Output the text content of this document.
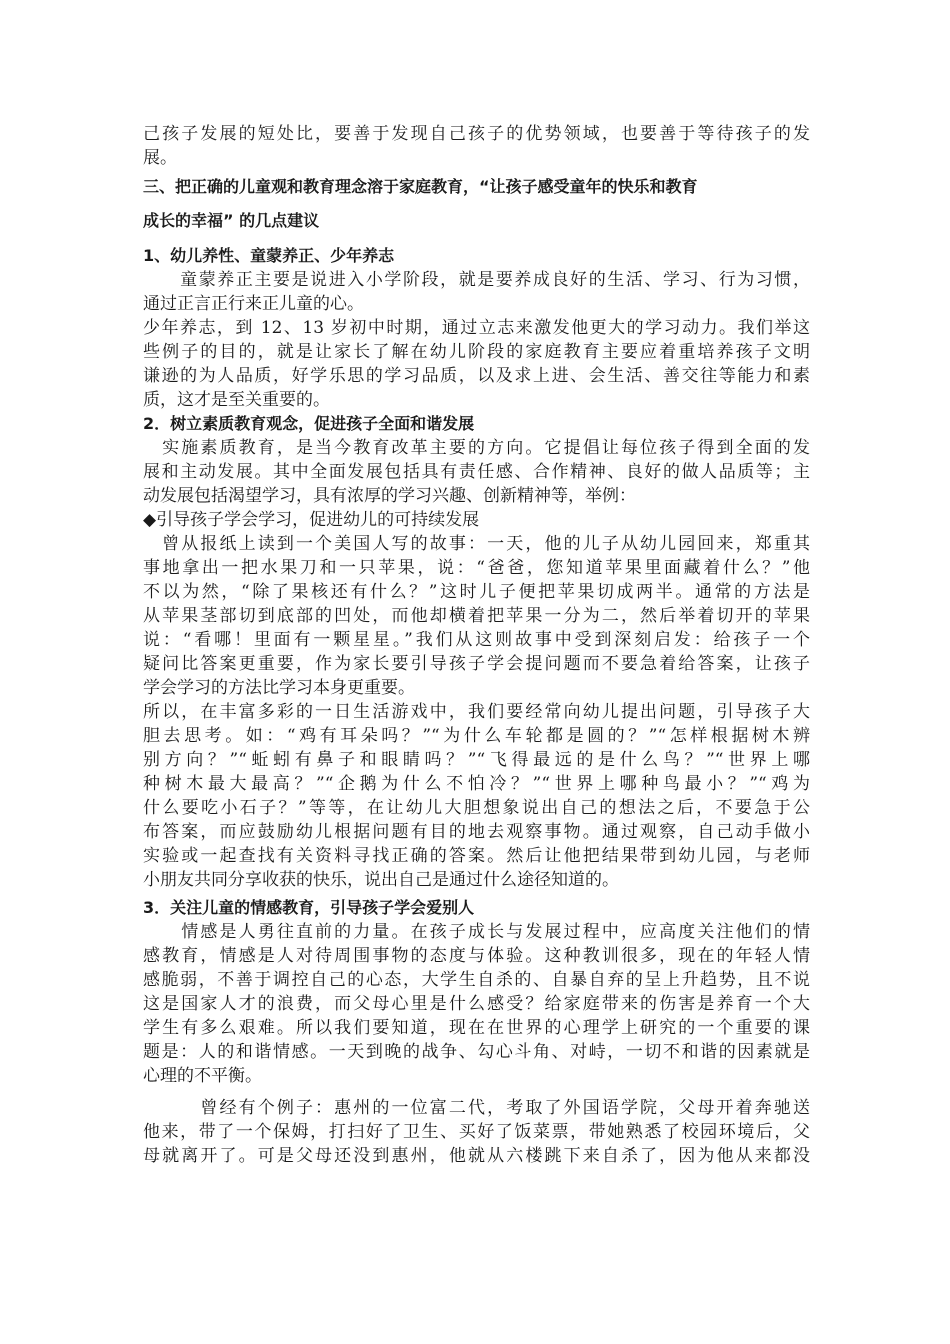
己孩子发展的短处比，要善于发现自己孩子的优势领域，也要善于等待孩子的发
展。
三、把正确的儿童观和教育理念溶于家庭教育，“让孩子感受童年的快乐和教育
成长的幸福” 的几点建议
1、幼儿养性、童蒙养正、少年养志
　　童蒙养正主要是说进入小学阶段，就是要养成良好的生活、学习、行为习惯，
通过正言正行来正儿童的心。
少年养志，到 12、13 岁初中时期，通过立志来激发他更大的学习动力。我们举这
些例子的目的，就是让家长了解在幼儿阶段的家庭教育主要应着重培养孩子文明
谦逊的为人品质，好学乐思的学习品质，以及求上进、会生活、善交往等能力和素
质，这才是至关重要的。
2．树立素质教育观念，促进孩子全面和谐发展
　实施素质教育，是当今教育改革主要的方向。它提倡让每位孩子得到全面的发
展和主动发展。其中全面发展包括具有责任感、合作精神、良好的做人品质等；主
动发展包括渴望学习，具有浓厚的学习兴趣、创新精神等，举例：
◆引导孩子学会学习，促进幼儿的可持续发展
　曾从报纸上读到一个美国人写的故事：一天，他的儿子从幼儿园回来，郑重其
事地拿出一把水果刀和一只苹果，说：“爸爸，您知道苹果里面藏着什么？”他
不以为然，“除了果核还有什么？”这时儿子便把苹果切成两半。通常的方法是
从苹果茎部切到底部的凹处，而他却横着把苹果一分为二，然后举着切开的苹果
说：“看哪！里面有一颗星星。”我们从这则故事中受到深刻启发：给孩子一个
疑问比答案更重要，作为家长要引导孩子学会提问题而不要急着给答案，让孩子
学会学习的方法比学习本身更重要。
所以，在丰富多彩的一日生活游戏中，我们要经常向幼儿提出问题，引导孩子大
胆去思考。如：“鸡有耳朵吗？”“为什么车轮都是圆的？”“怎样根据树木辨
别方向？”“蚯蚓有鼻子和眼睛吗？”“飞得最远的是什么鸟？”“世界上哪
种树木最大最高？”“企鹅为什么不怕冷？”“世界上哪种鸟最小？”“鸡为
什么要吃小石子？”等等，在让幼儿大胆想象说出自己的想法之后，不要急于公
布答案，而应鼓励幼儿根据问题有目的地去观察事物。通过观察，自己动手做小
实验或一起查找有关资料寻找正确的答案。然后让他把结果带到幼儿园，与老师
小朋友共同分享收获的快乐，说出自己是通过什么途径知道的。
3．关注儿童的情感教育，引导孩子学会爱别人
　　情感是人勇往直前的力量。在孩子成长与发展过程中，应高度关注他们的情
感教育，情感是人对待周围事物的态度与体验。这种教训很多，现在的年轻人情
感脆弱，不善于调控自己的心态，大学生自杀的、自暴自弃的呈上升趋势，且不说
这是国家人才的浪费，而父母心里是什么感受？给家庭带来的伤害是养育一个大
学生有多么艰难。所以我们要知道，现在在世界的心理学上研究的一个重要的课
题是：人的和谐情感。一天到晚的战争、勾心斗角、对峙，一切不和谐的因素就是
心理的不平衡。
　　　曾经有个例子：惠州的一位富二代，考取了外国语学院，父母开着奔驰送
他来，带了一个保姆，打扫好了卫生、买好了饭菜票，带她熟悉了校园环境后，父
母就离开了。可是父母还没到惠州，他就从六楼跳下来自杀了，因为他从来都没
